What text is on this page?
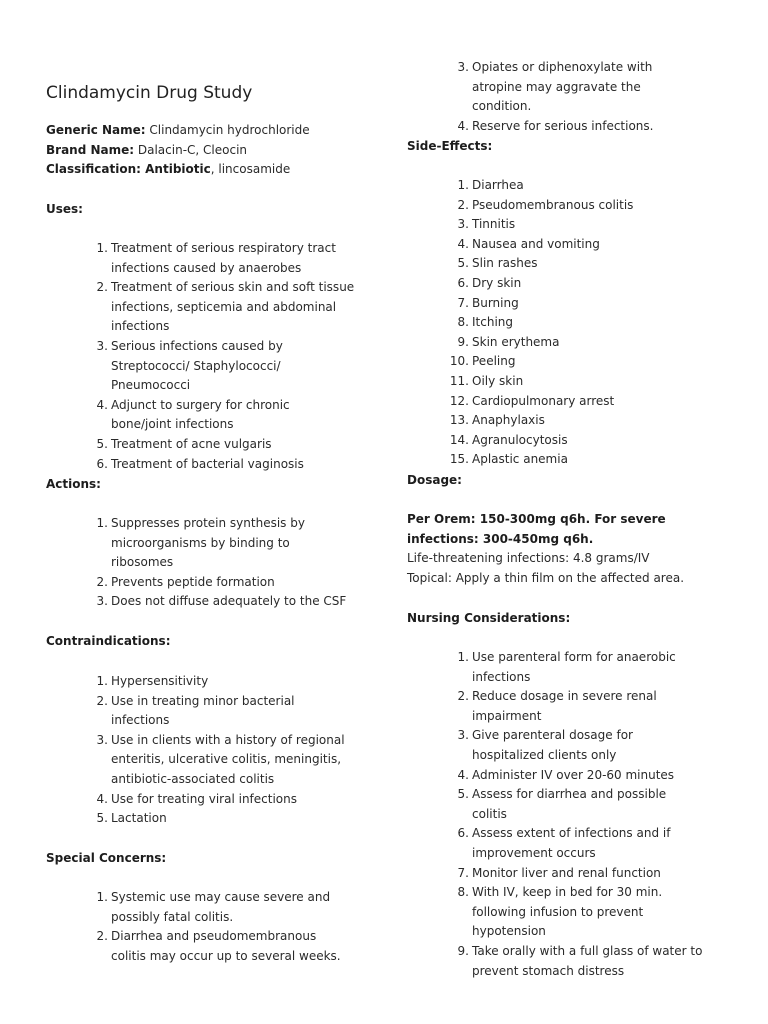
Clindamycin Drug Study
Generic Name: Clindamycin hydrochloride
Brand Name: Dalacin-C, Cleocin
Classification: Antibiotic, lincosamide
Uses:
1 . Treatment of serious respiratory tract infections caused by anaerobes
2 . Treatment of serious skin and soft tissue infections, septicemia and abdominal infections
3 . Serious infections caused by Streptococci/ Staphylococci/ Pneumococci
4 . Adjunct to surgery for chronic bone/joint infections
5 . Treatment of acne vulgaris
6 . Treatment of bacterial vaginosis
Actions:
1 . Suppresses protein synthesis by microorganisms by binding to ribosomes
2 . Prevents peptide formation
3 . Does not diffuse adequately to the CSF
Contraindications:
1 . Hypersensitivity
2 . Use in treating minor bacterial infections
3 . Use in clients with a history of regional enteritis, ulcerative colitis, meningitis, antibiotic-associated colitis
4 . Use for treating viral infections
5 . Lactation
Special Concerns:
1 . Systemic use may cause severe and possibly fatal colitis.
2 . Diarrhea and pseudomembranous colitis may occur up to several weeks.
3 . Opiates or diphenoxylate with atropine may aggravate the condition.
4 . Reserve for serious infections.
Side-Effects:
1 . Diarrhea
2 . Pseudomembranous colitis
3 . Tinnitis
4 . Nausea and vomiting
5 . Slin rashes
6 . Dry skin
7 . Burning
8 . Itching
9 . Skin erythema
10 . Peeling
11 . Oily skin
12 . Cardiopulmonary arrest
13 . Anaphylaxis
14 . Agranulocytosis
15 . Aplastic anemia
Dosage:
Per Orem: 150-300mg q6h. For severe
infections: 300-450mg q6h.
Life-threatening infections: 4.8 grams/IV
Topical: Apply a thin film on the affected area.
Nursing Considerations:
1 . Use parenteral form for anaerobic infections
2 . Reduce dosage in severe renal impairment
3 . Give parenteral dosage for hospitalized clients only
4 . Administer IV over 20-60 minutes
5 . Assess for diarrhea and possible colitis
6 . Assess extent of infections and if improvement occurs
7 . Monitor liver and renal function
8 . With IV, keep in bed for 30 min. following infusion to prevent hypotension
9 . Take orally with a full glass of water to prevent stomach distress
